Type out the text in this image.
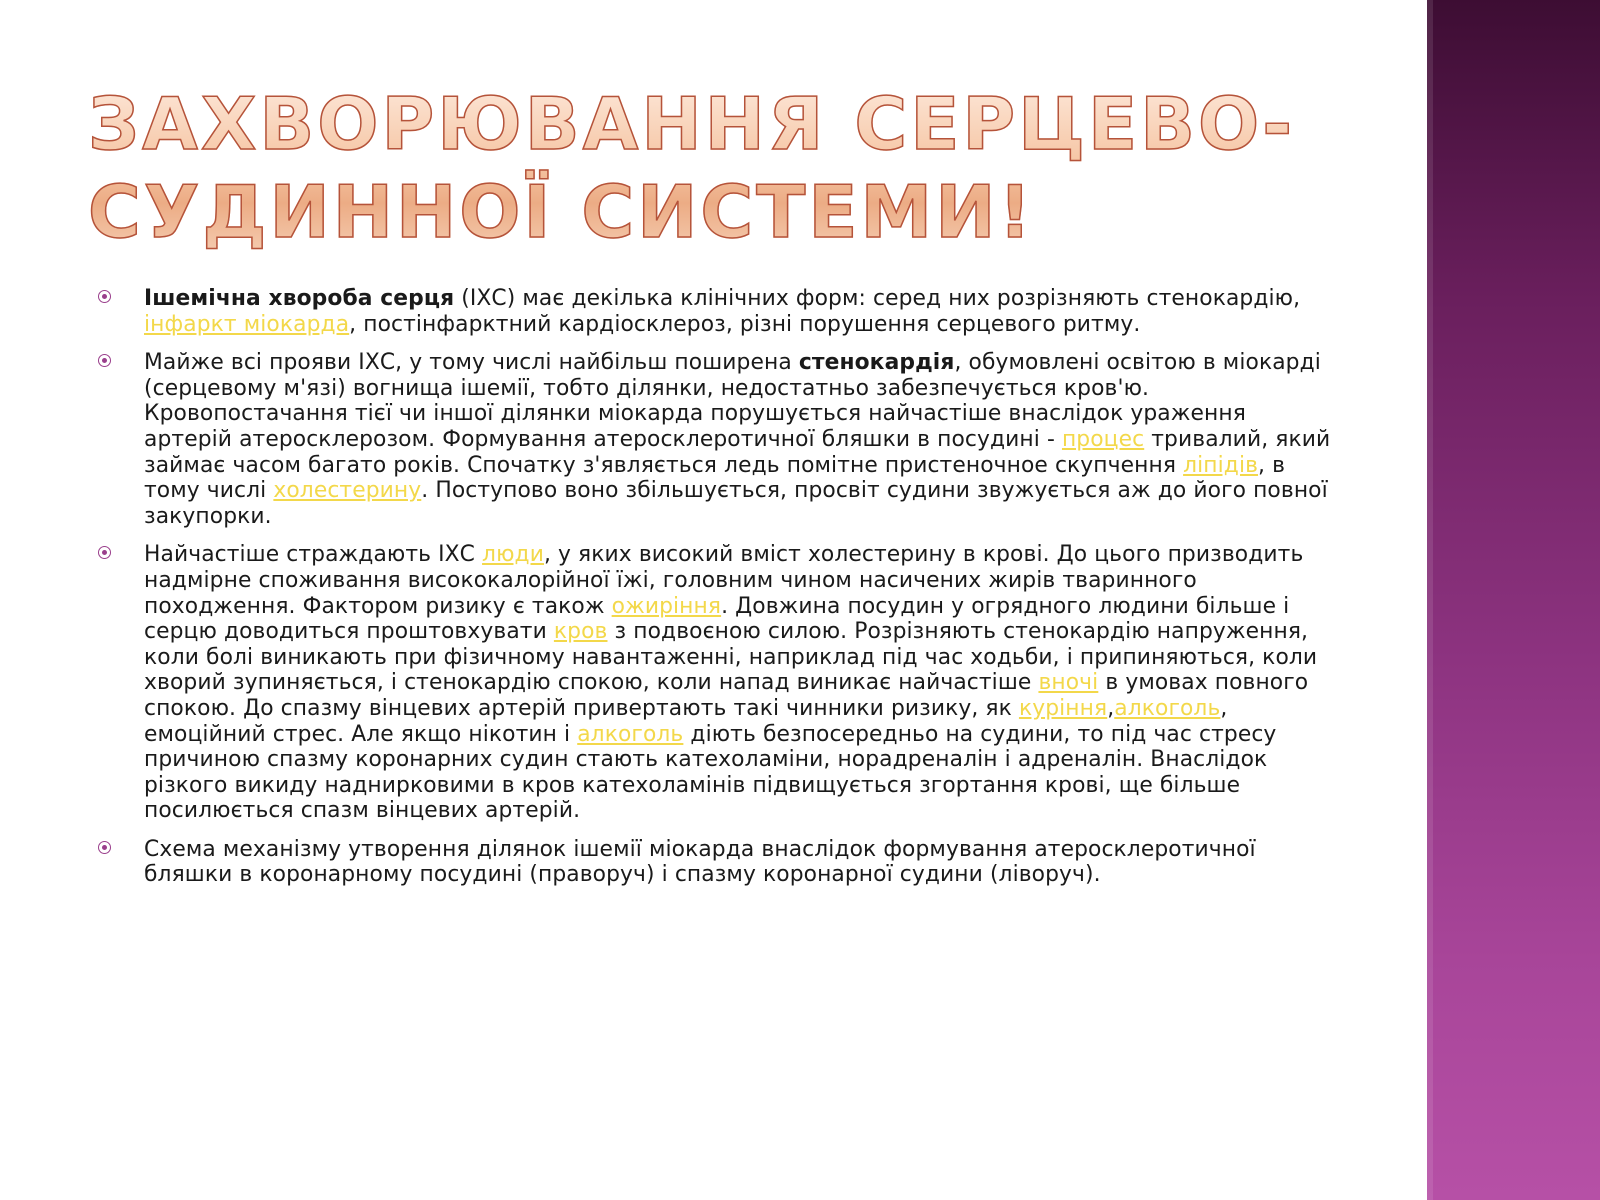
ЗАХВОРЮВАННЯ СЕРЦЕВО-
СУДИННОЇ СИСТЕМИ!
Ішемічна хвороба серця (ІХС) має декілька клінічних форм: серед них розрізняють стенокардію, інфаркт міокарда, постінфарктний кардіосклероз, різні порушення серцевого ритму.
Майже всі прояви ІХС, у тому числі найбільш поширена стенокардія, обумовлені освітою в міокарді (серцевому м'язі) вогнища ішемії, тобто ділянки, недостатньо забезпечується кров'ю. Кровопостачання тієї чи іншої ділянки міокарда порушується найчастіше внаслідок ураження артерій атеросклерозом. Формування атеросклеротичної бляшки в посудині - процес тривалий, який займає часом багато років. Спочатку з'являється ледь помітне пристеночное скупчення ліпідів, в тому числі холестерину. Поступово воно збільшується, просвіт судини звужується аж до його повної закупорки.
Найчастіше страждають ІХС люди, у яких високий вміст холестерину в крові. До цього призводить надмірне споживання висококалорійної їжі, головним чином насичених жирів тваринного походження. Фактором ризику є також ожиріння. Довжина посудин у огрядного людини більше і серцю доводиться проштовхувати кров з подвоєною силою. Розрізняють стенокардію напруження, коли болі виникають при фізичному навантаженні, наприклад під час ходьби, і припиняються, коли хворий зупиняється, і стенокардію спокою, коли напад виникає найчастіше вночі в умовах повного спокою. До спазму вінцевих артерій привертають такі чинники ризику, як куріння,алкоголь, емоційний стрес. Але якщо нікотин і алкоголь діють безпосередньо на судини, то під час стресу причиною спазму коронарних судин стають катехоламіни, норадреналін і адреналін. Внаслідок різкого викиду наднирковими в кров катехоламінів підвищується згортання крові, ще більше посилюється спазм вінцевих артерій.
Схема механізму утворення ділянок ішемії міокарда внаслідок формування атеросклеротичної бляшки в коронарному посудині (праворуч) і спазму коронарної судини (ліворуч).
